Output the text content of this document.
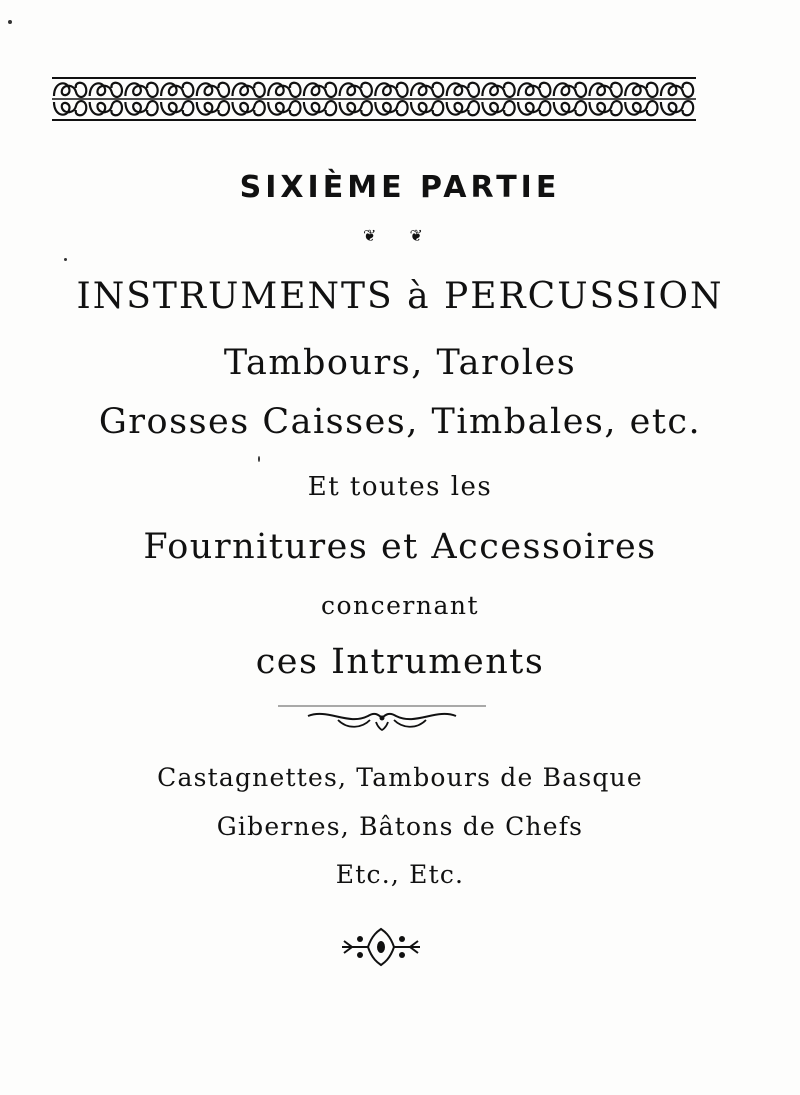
SIXIÈME PARTIE
❦ ❦
INSTRUMENTS à PERCUSSION
Tambours, Taroles
Grosses Caisses, Timbales, etc.
Et toutes les
Fournitures et Accessoires
concernant
ces Intruments
Castagnettes, Tambours de Basque
Gibernes, Bâtons de Chefs
Etc., Etc.
